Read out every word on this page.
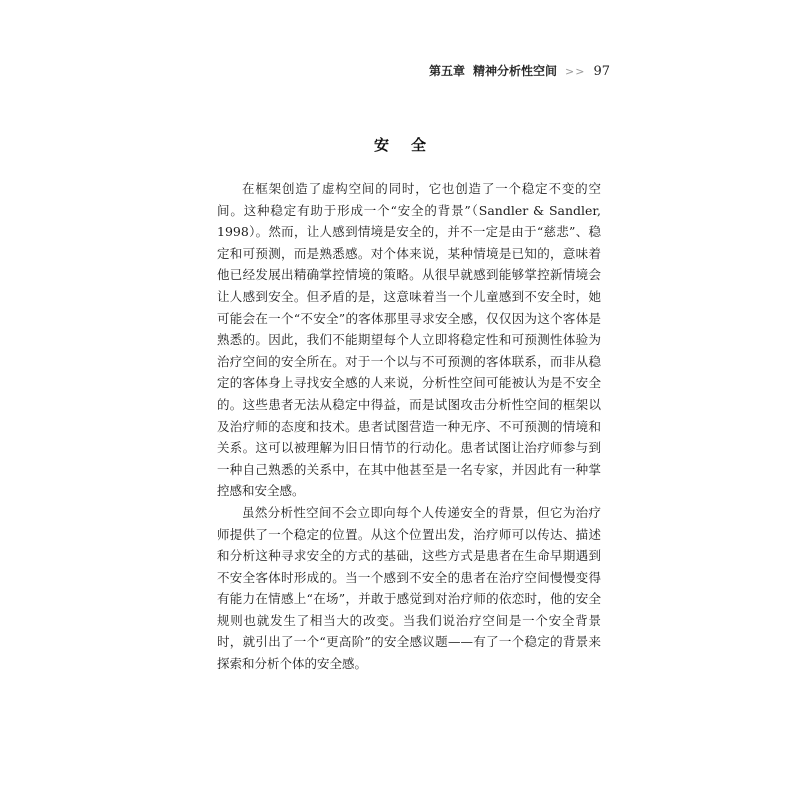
第五章 精神分析性空间 >> 97
安全

在框架创造了虚构空间的同时，它也创造了一个稳定不变的空间。这种稳定有助于形成一个“安全的背景”（Sandler & Sandler, 1998）。然而，让人感到情境是安全的，并不一定是由于“慈悲”、稳定和可预测，而是熟悉感。对个体来说，某种情境是已知的，意味着他已经发展出精确掌控情境的策略。从很早就感到能够掌控新情境会让人感到安全。但矛盾的是，这意味着当一个儿童感到不安全时，她可能会在一个“不安全”的客体那里寻求安全感，仅仅因为这个客体是熟悉的。因此，我们不能期望每个人立即将稳定性和可预测性体验为治疗空间的安全所在。对于一个以与不可预测的客体联系，而非从稳定的客体身上寻找安全感的人来说，分析性空间可能被认为是不安全的。这些患者无法从稳定中得益，而是试图攻击分析性空间的框架以及治疗师的态度和技术。患者试图营造一种无序、不可预测的情境和关系。这可以被理解为旧日情节的行动化。患者试图让治疗师参与到一种自己熟悉的关系中，在其中他甚至是一名专家，并因此有一种掌控感和安全感。

虽然分析性空间不会立即向每个人传递安全的背景，但它为治疗师提供了一个稳定的位置。从这个位置出发，治疗师可以传达、描述和分析这种寻求安全的方式的基础，这些方式是患者在生命早期遇到不安全客体时形成的。当一个感到不安全的患者在治疗空间慢慢变得有能力在情感上“在场”，并敢于感觉到对治疗师的依恋时，他的安全规则也就发生了相当大的改变。当我们说治疗空间是一个安全背景时，就引出了一个“更高阶”的安全感议题——有了一个稳定的背景来探索和分析个体的安全感。
